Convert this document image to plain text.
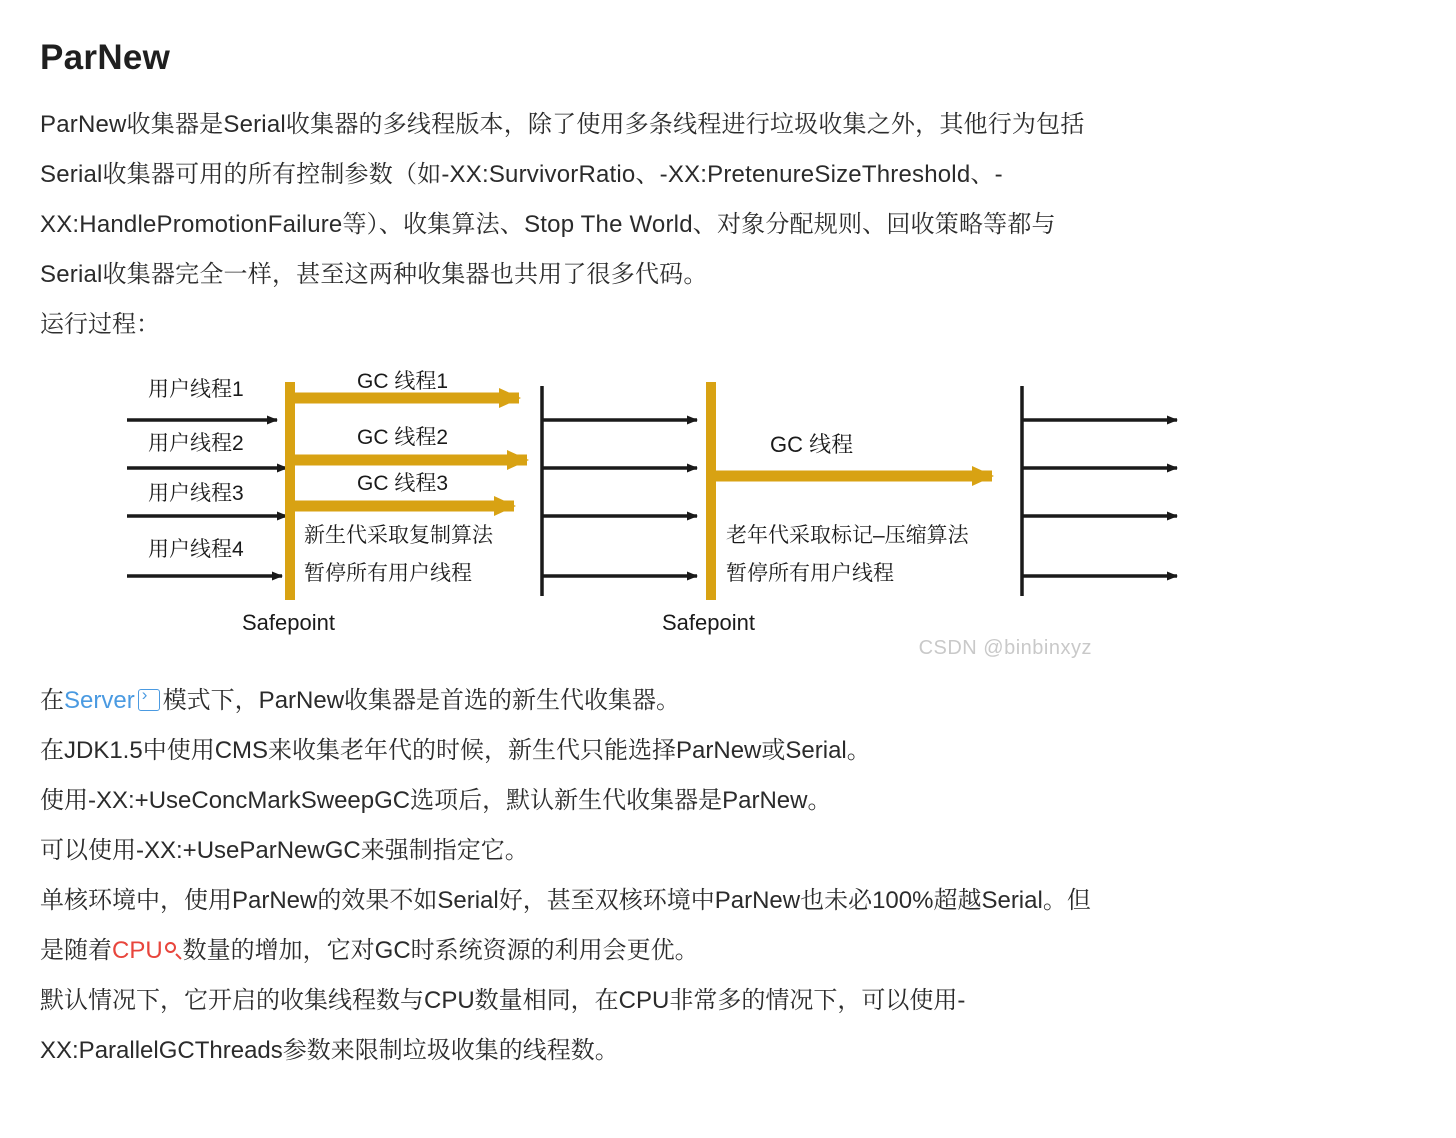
ParNew

ParNew收集器是Serial收集器的多线程版本，除了使用多条线程进行垃圾收集之外，其他行为包括

Serial收集器可用的所有控制参数（如-XX:SurvivorRatio、-XX:PretenureSizeThreshold、-

XX:HandlePromotionFailure等）、收集算法、Stop The World、对象分配规则、回收策略等都与

Serial收集器完全一样，甚至这两种收集器也共用了很多代码。

运行过程：
用户线程1
用户线程2
用户线程3
用户线程4
GC 线程1
GC 线程2
GC 线程3
新生代采取复制算法
暂停所有用户线程
GC 线程
老年代采取标记–压缩算法
暂停所有用户线程
Safepoint	Safepoint
CSDN @binbinxyz
在Server › 模式下，ParNew收集器是首选的新生代收集器。
在JDK1.5中使用CMS来收集老年代的时候，新生代只能选择ParNew或Serial。
使用-XX:+UseConcMarkSweepGC选项后，默认新生代收集器是ParNew。
可以使用-XX:+UseParNewGC来强制指定它。
单核环境中，使用ParNew的效果不如Serial好，甚至双核环境中ParNew也未必100%超越Serial。但
是随着CPU 数量的增加，它对GC时系统资源的利用会更优。
默认情况下，它开启的收集线程数与CPU数量相同，在CPU非常多的情况下，可以使用-
XX:ParallelGCThreads参数来限制垃圾收集的线程数。
